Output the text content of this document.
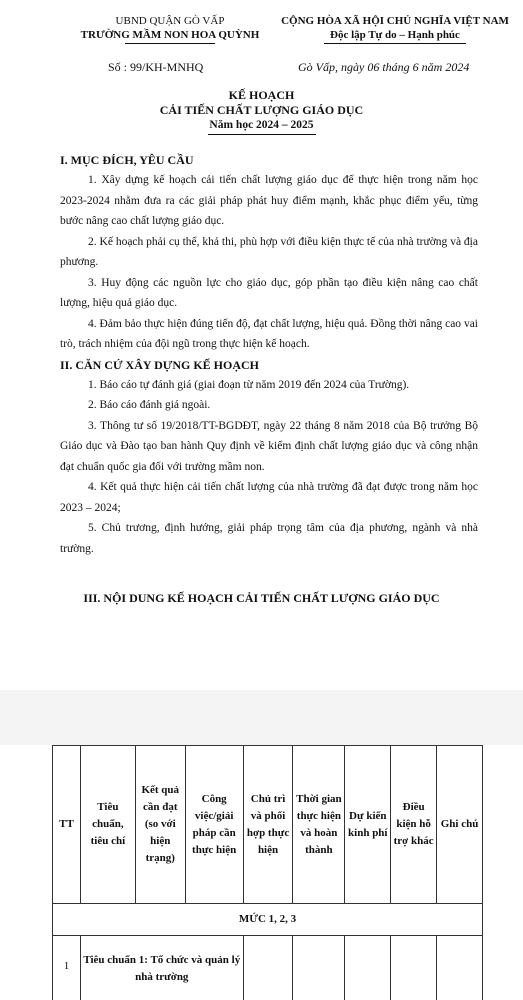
UBND QUẬN GÒ VẤP
TRƯỜNG MẦM NON HOA QUỲNH
CỘNG HÒA XÃ HỘI CHỦ NGHĨA VIỆT NAM
Độc lập Tự do – Hạnh phúc
Số : 99/KH-MNHQ	Gò Vấp, ngày 06 tháng 6 năm 2024
KẾ HOẠCH
CẢI TIẾN CHẤT LƯỢNG GIÁO DỤC
Năm học 2024 – 2025
I. MỤC ĐÍCH, YÊU CẦU

1. Xây dựng kế hoạch cải tiến chất lượng giáo dục để thực hiện trong năm học 2023-2024 nhằm đưa ra các giải pháp phát huy điểm mạnh, khắc phục điểm yếu, từng bước nâng cao chất lượng giáo dục.

2. Kế hoạch phải cụ thể, khả thi, phù hợp với điều kiện thực tế của nhà trường và địa phương.

3. Huy động các nguồn lực cho giáo dục, góp phần tạo điều kiện nâng cao chất lượng, hiệu quả giáo dục.

4. Đảm bảo thực hiện đúng tiến độ, đạt chất lượng, hiệu quả. Đồng thời nâng cao vai trò, trách nhiệm của đội ngũ trong thực hiện kế hoạch.

II. CĂN CỨ XÂY DỰNG KẾ HOẠCH

1. Báo cáo tự đánh giá (giai đoạn từ năm 2019 đến 2024 của Trường).

2. Báo cáo đánh giá ngoài.

3. Thông tư số 19/2018/TT-BGDĐT, ngày 22 tháng 8 năm 2018 của Bộ trưởng Bộ Giáo dục và Đào tạo ban hành Quy định về kiểm định chất lượng giáo dục và công nhận đạt chuẩn quốc gia đối với trường mầm non.

4. Kết quả thực hiện cải tiến chất lượng của nhà trường đã đạt được trong năm học 2023 – 2024;

5. Chủ trương, định hướng, giải pháp trọng tâm của địa phương, ngành và nhà trường.

III. NỘI DUNG KẾ HOẠCH CẢI TIẾN CHẤT LƯỢNG GIÁO DỤC
TT	Tiêu chuẩn, tiêu chí	Kết quả cần đạt (so với hiện trạng)	Công việc/giải pháp cần thực hiện	Chủ trì và phối hợp thực hiện	Thời gian thực hiện và hoàn thành	Dự kiến kinh phí	Điều kiện hỗ trợ khác	Ghi chú
MỨC 1, 2, 3								
1	Tiêu chuẩn 1: Tổ chức và quản lý nhà trường							
